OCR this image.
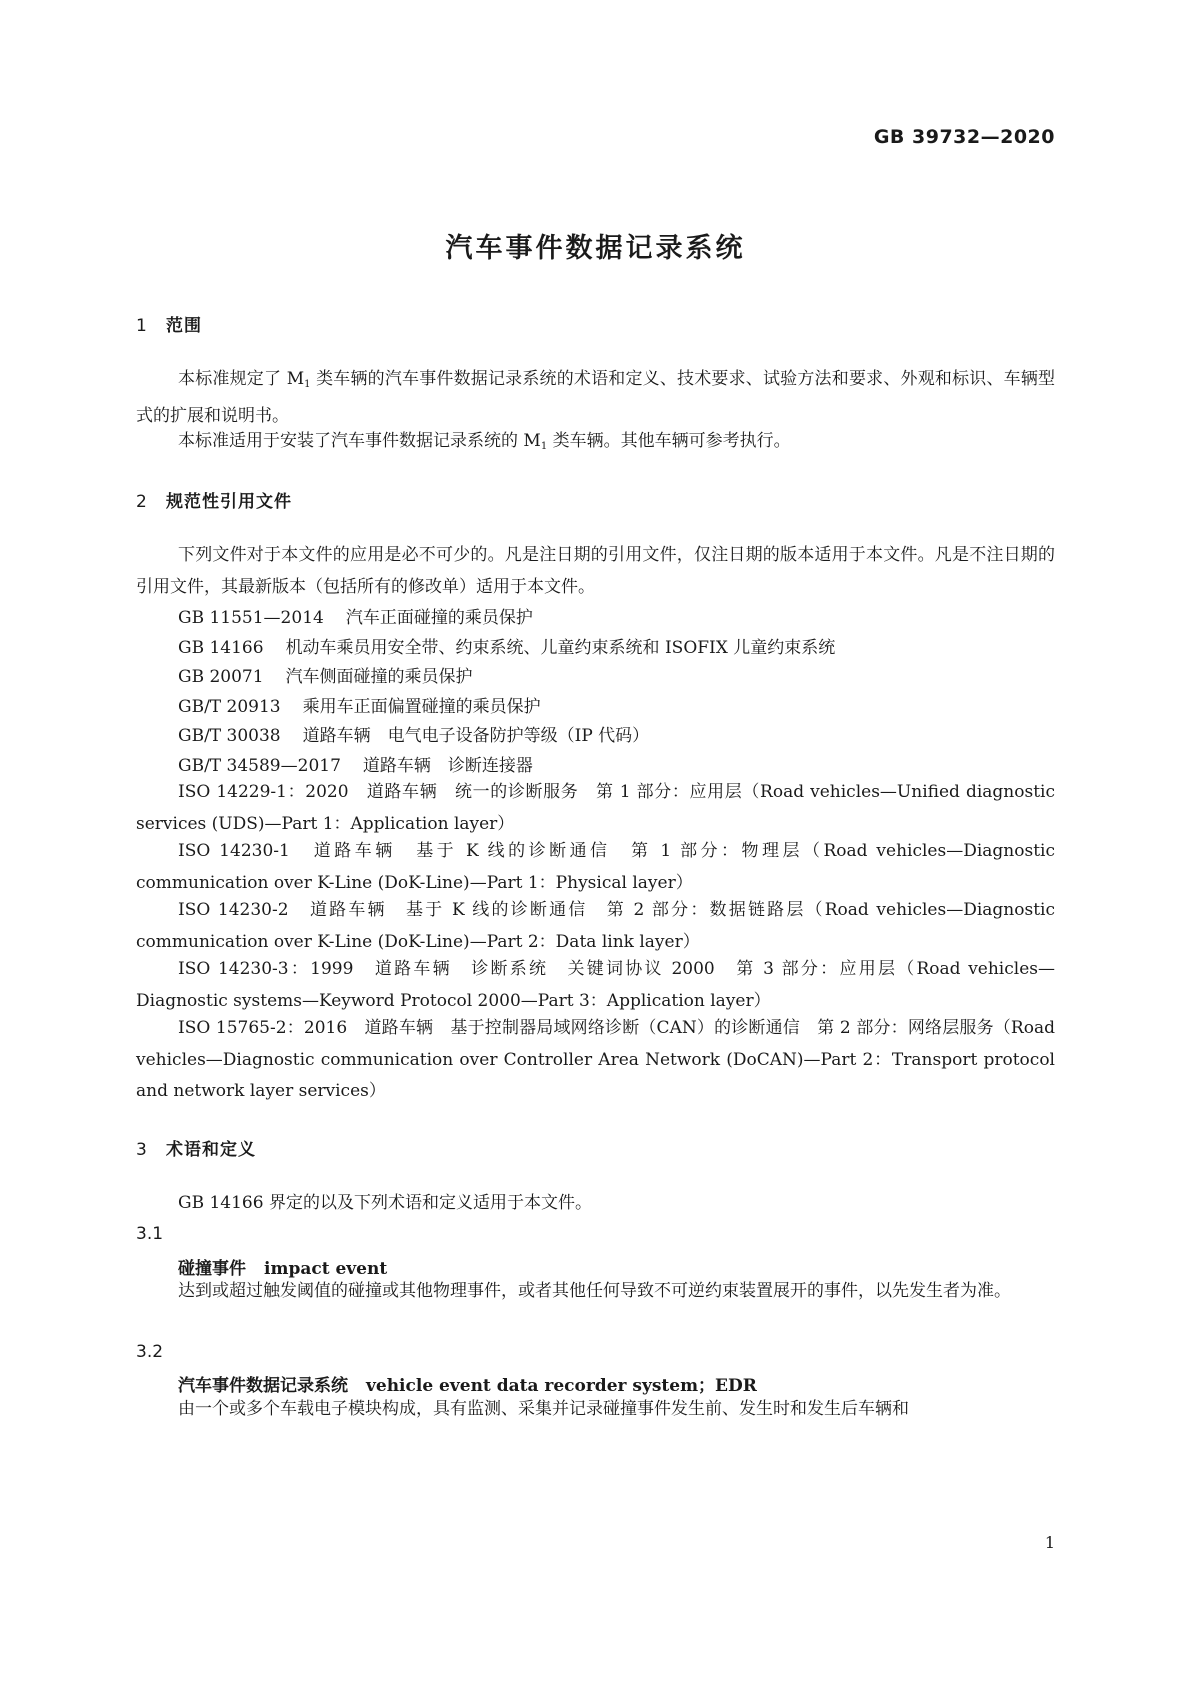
GB 39732—2020
汽车事件数据记录系统
1 范围
本标准规定了 $M_1$ 类车辆的汽车事件数据记录系统的术语和定义、技术要求、试验方法和要求、外观和标识、车辆型式的扩展和说明书。
本标准适用于安装了汽车事件数据记录系统的 $M_1$ 类车辆。其他车辆可参考执行。
2 规范性引用文件
下列文件对于本文件的应用是必不可少的。凡是注日期的引用文件，仅注日期的版本适用于本文件。凡是不注日期的引用文件，其最新版本（包括所有的修改单）适用于本文件。
GB 11551—2014 汽车正面碰撞的乘员保护
GB 14166 机动车乘员用安全带、约束系统、儿童约束系统和 ISOFIX 儿童约束系统
GB 20071 汽车侧面碰撞的乘员保护
GB/T 20913 乘用车正面偏置碰撞的乘员保护
GB/T 30038 道路车辆　电气电子设备防护等级（IP 代码）
GB/T 34589—2017 道路车辆　诊断连接器
ISO 14229-1：2020　道路车辆　统一的诊断服务　第 1 部分：应用层（Road vehicles—Unified diagnostic services (UDS)—Part 1：Application layer）
ISO 14230-1　道路车辆　基于 K 线的诊断通信　第 1 部分：物理层（Road vehicles—Diagnostic communication over K-Line (DoK-Line)—Part 1：Physical layer）
ISO 14230-2　道路车辆　基于 K 线的诊断通信　第 2 部分：数据链路层（Road vehicles—Diagnostic communication over K-Line (DoK-Line)—Part 2：Data link layer）
ISO 14230-3：1999　道路车辆　诊断系统　关键词协议 2000　第 3 部分：应用层（Road vehicles—Diagnostic systems—Keyword Protocol 2000—Part 3：Application layer）
ISO 15765-2：2016　道路车辆　基于控制器局域网络诊断（CAN）的诊断通信　第 2 部分：网络层服务（Road vehicles—Diagnostic communication over Controller Area Network (DoCAN)—Part 2：Transport protocol and network layer services）
3 术语和定义
GB 14166 界定的以及下列术语和定义适用于本文件。
3.1
碰撞事件 impact event
达到或超过触发阈值的碰撞或其他物理事件，或者其他任何导致不可逆约束装置展开的事件，以先发生者为准。
3.2
汽车事件数据记录系统 vehicle event data recorder system；EDR
由一个或多个车载电子模块构成，具有监测、采集并记录碰撞事件发生前、发生时和发生后车辆和
1
